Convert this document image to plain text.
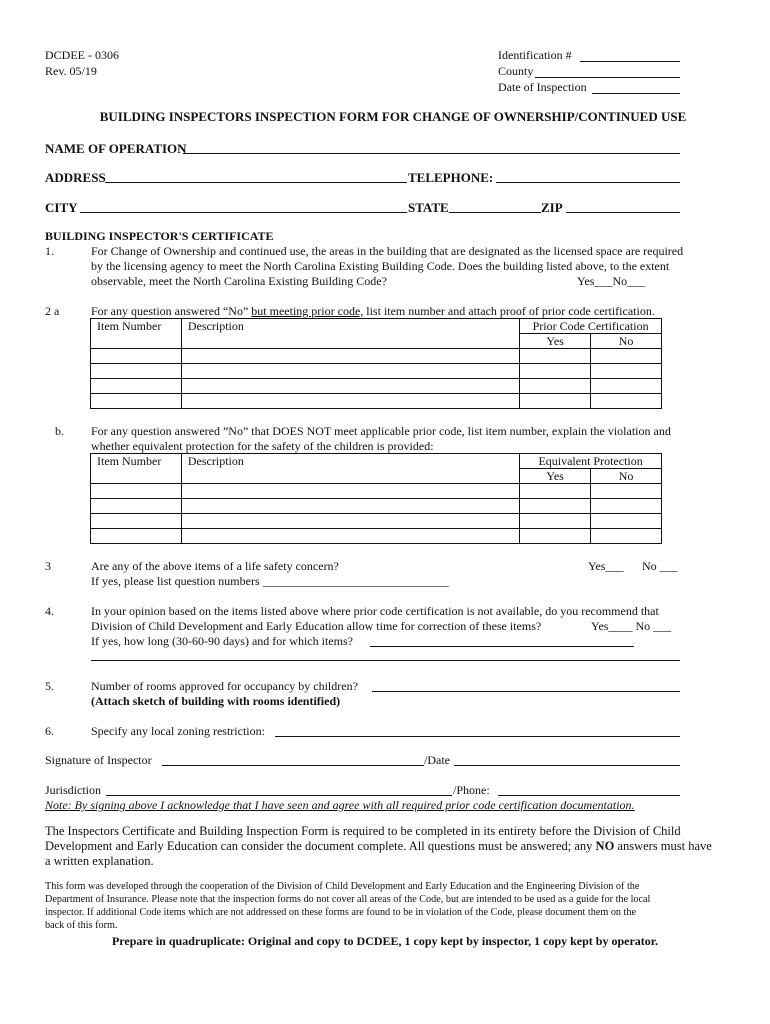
DCDEE - 0306
Rev. 05/19
Identification #
County
Date of Inspection
BUILDING INSPECTORS INSPECTION FORM FOR CHANGE OF OWNERSHIP/CONTINUED USE
NAME OF OPERATION
ADDRESS	TELEPHONE:
CITY	STATE	ZIP
BUILDING INSPECTOR'S CERTIFICATE
1.	For Change of Ownership and continued use, the areas in the building that are designated as the licensed space are required
by the licensing agency to meet the North Carolina Existing Building Code. Does the building listed above, to the extent
observable, meet the North Carolina Existing Building Code?	Yes___No___
2 a	For any question answered “No” but meeting prior code, list item number and attach proof of prior code certification.
Item Number	Description	Prior Code Certification	
		Yes	No

b. For any question answered ”No” that DOES NOT meet applicable prior code, list item number, explain the violation and
whether equivalent protection for the safety of the children is provided:
Item Number	Description	Equivalent Protection	
		Yes	No

3	Are any of the above items of a life safety concern?	Yes___ No ___
If yes, please list question numbers _______________________________
4.	In your opinion based on the items listed above where prior code certification is not available, do you recommend that
Division of Child Development and Early Education allow time for correction of these items?	Yes____ No ___
If yes, how long (30-60-90 days) and for which items?
5.	Number of rooms approved for occupancy by children?
(Attach sketch of building with rooms identified)
6.	Specify any local zoning restriction:
Signature of Inspector	/Date
Jurisdiction	/Phone:
Note: By signing above I acknowledge that I have seen and agree with all required prior code certification documentation.
The Inspectors Certificate and Building Inspection Form is required to be completed in its entirety before the Division of Child
Development and Early Education can consider the document complete. All questions must be answered; any NO answers must have
a written explanation.
This form was developed through the cooperation of the Division of Child Development and Early Education and the Engineering Division of the
Department of Insurance. Please note that the inspection forms do not cover all areas of the Code, but are intended to be used as a guide for the local
inspector. If additional Code items which are not addressed on these forms are found to be in violation of the Code, please document them on the
back of this form.
Prepare in quadruplicate: Original and copy to DCDEE, 1 copy kept by inspector, 1 copy kept by operator.
